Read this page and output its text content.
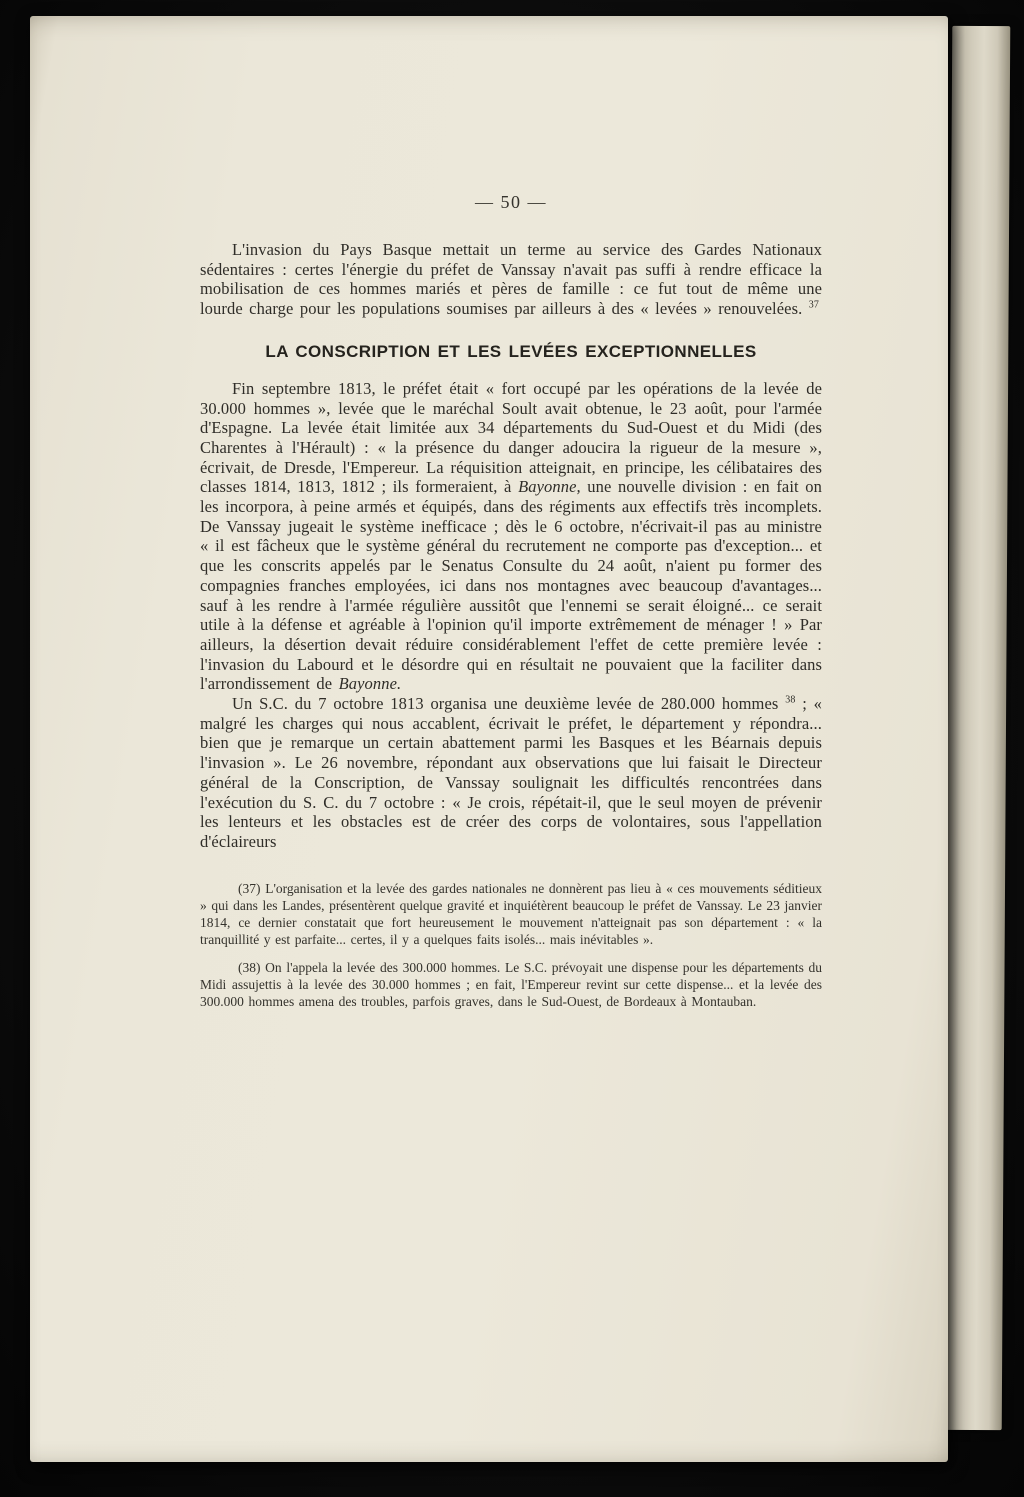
— 50 —

L'invasion du Pays Basque mettait un terme au service des Gardes Nationaux sédentaires : certes l'énergie du préfet de Vanssay n'avait pas suffi à rendre efficace la mobilisation de ces hommes mariés et pères de famille : ce fut tout de même une lourde charge pour les populations soumises par ailleurs à des « levées » renouvelées. $^{37}$

LA CONSCRIPTION ET LES LEVÉES EXCEPTIONNELLES

Fin septembre 1813, le préfet était « fort occupé par les opérations de la levée de 30.000 hommes », levée que le maréchal Soult avait obtenue, le 23 août, pour l'armée d'Espagne. La levée était limitée aux 34 départements du Sud-Ouest et du Midi (des Charentes à l'Hérault) : « la présence du danger adoucira la rigueur de la mesure », écrivait, de Dresde, l'Empereur. La réquisition atteignait, en principe, les célibataires des classes 1814, 1813, 1812 ; ils formeraient, à Bayonne, une nouvelle division : en fait on les incorpora, à peine armés et équipés, dans des régiments aux effectifs très incomplets. De Vanssay jugeait le système inefficace ; dès le 6 octobre, n'écrivait-il pas au ministre « il est fâcheux que le système général du recrutement ne comporte pas d'exception... et que les conscrits appelés par le Senatus Consulte du 24 août, n'aient pu former des compagnies franches employées, ici dans nos montagnes avec beaucoup d'avantages... sauf à les rendre à l'armée régulière aussitôt que l'ennemi se serait éloigné... ce serait utile à la défense et agréable à l'opinion qu'il importe extrêmement de ménager ! » Par ailleurs, la désertion devait réduire considérablement l'effet de cette première levée : l'invasion du Labourd et le désordre qui en résultait ne pouvaient que la faciliter dans l'arrondissement de Bayonne.

Un S.C. du 7 octobre 1813 organisa une deuxième levée de 280.000 hommes $^{38}$ ; « malgré les charges qui nous accablent, écrivait le préfet, le département y répondra... bien que je remarque un certain abattement parmi les Basques et les Béarnais depuis l'invasion ». Le 26 novembre, répondant aux observations que lui faisait le Directeur général de la Conscription, de Vanssay soulignait les difficultés rencontrées dans l'exécution du S. C. du 7 octobre : « Je crois, répétait-il, que le seul moyen de prévenir les lenteurs et les obstacles est de créer des corps de volontaires, sous l'appellation d'éclaireurs

(37) L'organisation et la levée des gardes nationales ne donnèrent pas lieu à « ces mouvements séditieux » qui dans les Landes, présentèrent quelque gravité et inquiétèrent beaucoup le préfet de Vanssay. Le 23 janvier 1814, ce dernier constatait que fort heureusement le mouvement n'atteignait pas son département : « la tranquillité y est parfaite... certes, il y a quelques faits isolés... mais inévitables ».

(38) On l'appela la levée des 300.000 hommes. Le S.C. prévoyait une dispense pour les départements du Midi assujettis à la levée des 30.000 hommes ; en fait, l'Empereur revint sur cette dispense... et la levée des 300.000 hommes amena des troubles, parfois graves, dans le Sud-Ouest, de Bordeaux à Montauban.
